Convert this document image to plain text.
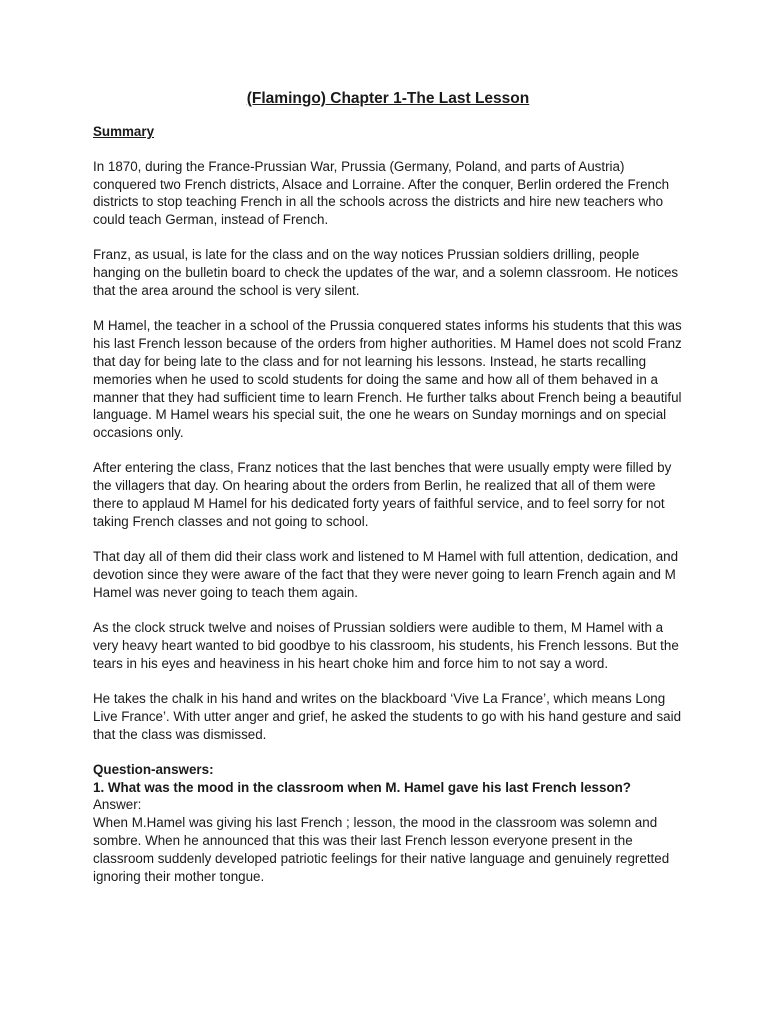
(Flamingo) Chapter 1-The Last Lesson
Summary

In 1870, during the France-Prussian War, Prussia (Germany, Poland, and parts of Austria) conquered two French districts, Alsace and Lorraine. After the conquer, Berlin ordered the French districts to stop teaching French in all the schools across the districts and hire new teachers who could teach German, instead of French.

Franz, as usual, is late for the class and on the way notices Prussian soldiers drilling, people hanging on the bulletin board to check the updates of the war, and a solemn classroom. He notices that the area around the school is very silent.

M Hamel, the teacher in a school of the Prussia conquered states informs his students that this was his last French lesson because of the orders from higher authorities. M Hamel does not scold Franz that day for being late to the class and for not learning his lessons. Instead, he starts recalling memories when he used to scold students for doing the same and how all of them behaved in a manner that they had sufficient time to learn French. He further talks about French being a beautiful language. M Hamel wears his special suit, the one he wears on Sunday mornings and on special occasions only.

After entering the class, Franz notices that the last benches that were usually empty were filled by the villagers that day. On hearing about the orders from Berlin, he realized that all of them were there to applaud M Hamel for his dedicated forty years of faithful service, and to feel sorry for not taking French classes and not going to school.

That day all of them did their class work and listened to M Hamel with full attention, dedication, and devotion since they were aware of the fact that they were never going to learn French again and M Hamel was never going to teach them again.

As the clock struck twelve and noises of Prussian soldiers were audible to them, M Hamel with a very heavy heart wanted to bid goodbye to his classroom, his students, his French lessons. But the tears in his eyes and heaviness in his heart choke him and force him to not say a word.

He takes the chalk in his hand and writes on the blackboard ‘Vive La France’, which means Long Live France’. With utter anger and grief, he asked the students to go with his hand gesture and said that the class was dismissed.

Question-answers:
1. What was the mood in the classroom when M. Hamel gave his last French lesson?
Answer:
When M.Hamel was giving his last French ; lesson, the mood in the classroom was solemn and sombre. When he announced that this was their last French lesson everyone present in the classroom suddenly developed patriotic feelings for their native language and genuinely regretted ignoring their mother tongue.
